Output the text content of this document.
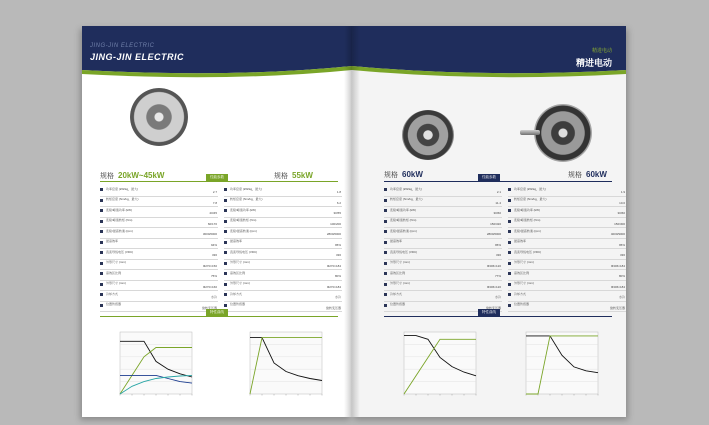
JING-JIN ELECTRIC
JING-JIN ELECTRIC
规格 20kW~45kW	性能参数	规格 55kW
功率密度 (kW/kg，最大)
2.7
转矩密度 (Nm/kg，最大)
7.8
连续/峰值功率 (kW)
20/45
连续/峰值转矩 (Nm)
60/170
连续/最高转速 (rpm)
3000/6000
最高效率
94%
直流母线电压 (VDC)
336
外形尺寸 (mm)
Φ270×150
高效区比例
75%
外形尺寸 (mm)
Φ270×160
冷却方式
水冷
位置传感器
旋转变压器
功率密度 (kW/kg，最大)
1.8
转矩密度 (Nm/kg，最大)
6.2
连续/峰值功率 (kW)
30/55
连续/峰值转矩 (Nm)
100/200
连续/最高转速 (rpm)
2800/6000
最高效率
95%
直流母线电压 (VDC)
336
外形尺寸 (mm)
Φ270×184
高效区比例
80%
外形尺寸 (mm)
Φ270×184
冷却方式
水冷
位置传感器
旋转变压器
特性曲线
精进电动
精进电动
规格 60kW	性能参数	规格 60kW
功率密度 (kW/kg，最大)
2.1
转矩密度 (Nm/kg，最大)
11.4
连续/峰值功率 (kW)
30/60
连续/峰值转矩 (Nm)
150/320
连续/最高转速 (rpm)
2800/6000
最高效率
95%
直流母线电压 (VDC)
336
外形尺寸 (mm)
Φ306×120
高效区比例
77%
外形尺寸 (mm)
Φ306×120
冷却方式
水冷
位置传感器
旋转变压器
功率密度 (kW/kg，最大)
1.9
转矩密度 (Nm/kg，最大)
10.0
连续/峰值功率 (kW)
30/60
连续/峰值转矩 (Nm)
150/300
连续/最高转速 (rpm)
4000/9000
最高效率
95%
直流母线电压 (VDC)
336
外形尺寸 (mm)
Φ306×184
高效区比例
80%
外形尺寸 (mm)
Φ306×184
冷却方式
水冷
位置传感器
旋转变压器
特性曲线
